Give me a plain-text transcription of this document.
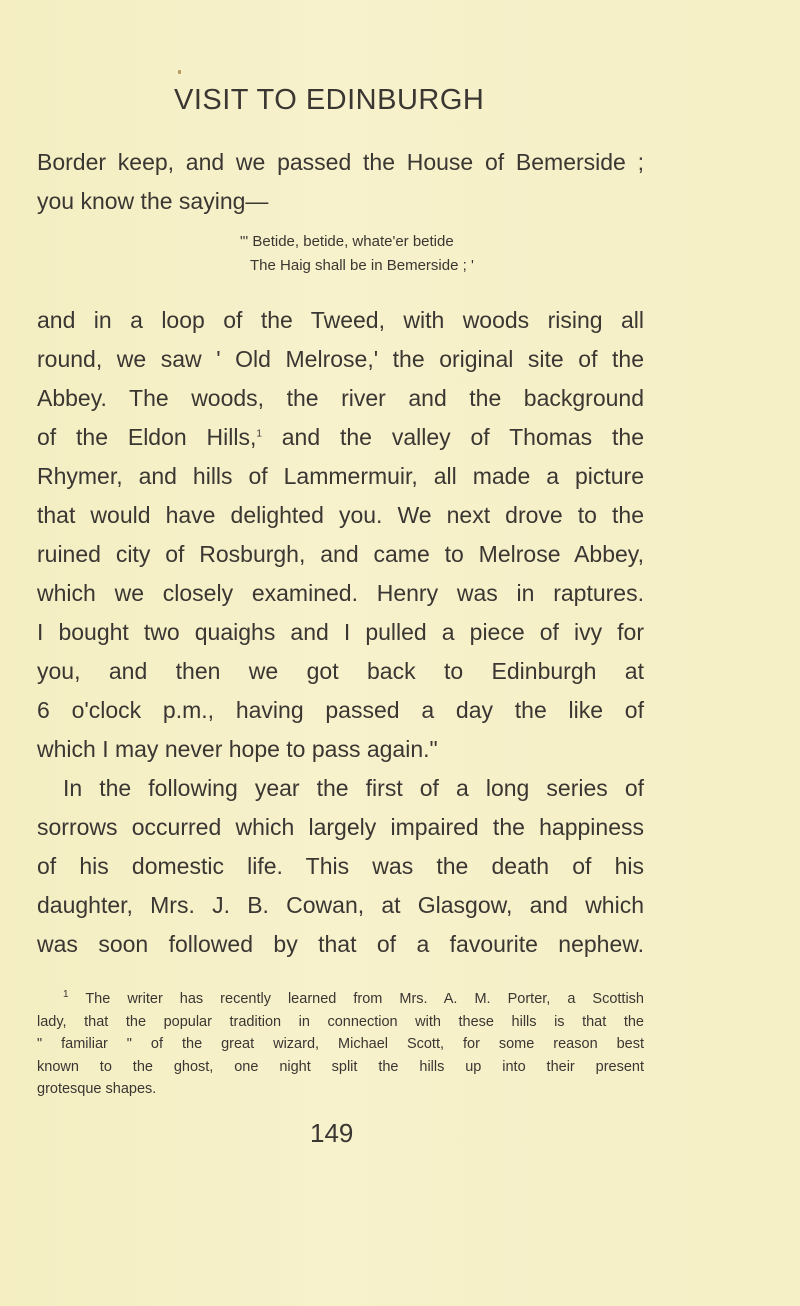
VISIT TO EDINBURGH
Border keep, and we passed the House of Bemerside ;
you know the saying—
"' Betide, betide, whate'er betide
The Haig shall be in Bemerside ; '
and in a loop of the Tweed, with woods rising all
round, we saw ' Old Melrose,' the original site of the
Abbey. The woods, the river and the background
of the Eldon Hills,$^1$ and the valley of Thomas the
Rhymer, and hills of Lammermuir, all made a picture
that would have delighted you. We next drove to the
ruined city of Rosburgh, and came to Melrose Abbey,
which we closely examined. Henry was in raptures.
I bought two quaighs and I pulled a piece of ivy for
you, and then we got back to Edinburgh at
6 o'clock p.m., having passed a day the like of
which I may never hope to pass again."
In the following year the first of a long series of
sorrows occurred which largely impaired the happiness
of his domestic life. This was the death of his
daughter, Mrs. J. B. Cowan, at Glasgow, and which
was soon followed by that of a favourite nephew.
$^1$ The writer has recently learned from Mrs. A. M. Porter, a Scottish
lady, that the popular tradition in connection with these hills is that the
" familiar " of the great wizard, Michael Scott, for some reason best
known to the ghost, one night split the hills up into their present
grotesque shapes.
149
